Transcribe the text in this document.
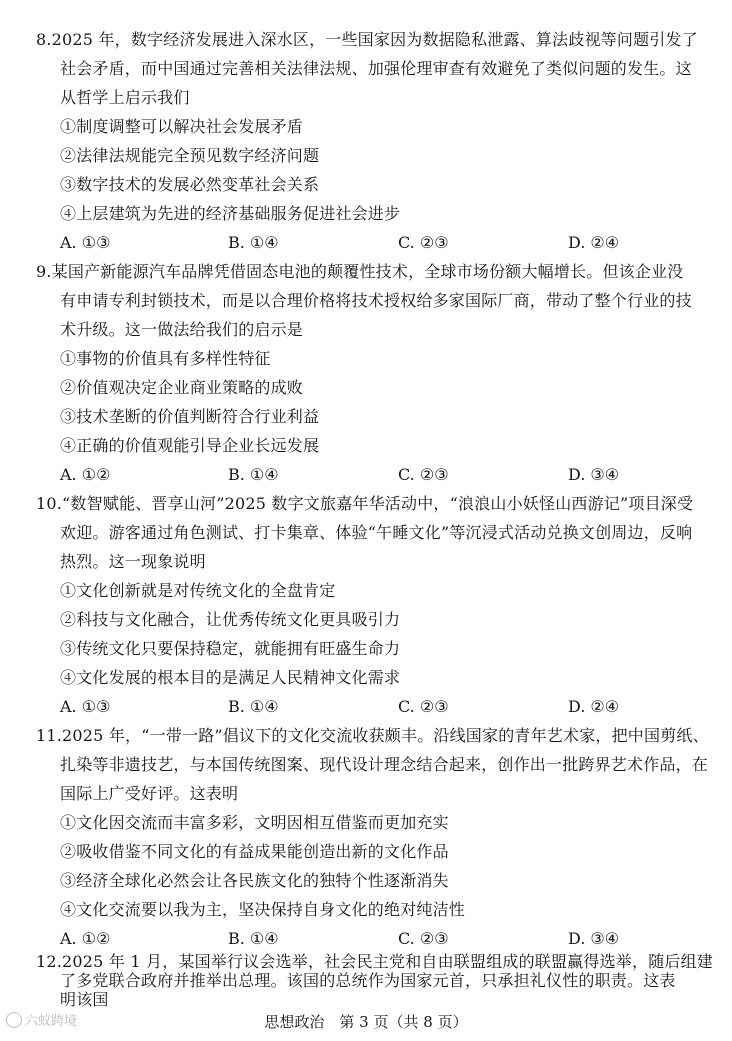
8.2025 年，数字经济发展进入深水区，一些国家因为数据隐私泄露、算法歧视等问题引发了
社会矛盾，而中国通过完善相关法律法规、加强伦理审查有效避免了类似问题的发生。这
从哲学上启示我们
①制度调整可以解决社会发展矛盾
②法律法规能完全预见数字经济问题
③数字技术的发展必然变革社会关系
④上层建筑为先进的经济基础服务促进社会进步
A. ①③	B. ①④	C. ②③	D. ②④
9.某国产新能源汽车品牌凭借固态电池的颠覆性技术，全球市场份额大幅增长。但该企业没
有申请专利封锁技术，而是以合理价格将技术授权给多家国际厂商，带动了整个行业的技
术升级。这一做法给我们的启示是
①事物的价值具有多样性特征
②价值观决定企业商业策略的成败
③技术垄断的价值判断符合行业利益
④正确的价值观能引导企业长远发展
A. ①②	B. ①④	C. ②③	D. ③④
10.“数智赋能、晋享山河”2025 数字文旅嘉年华活动中，“浪浪山小妖怪山西游记”项目深受
欢迎。游客通过角色测试、打卡集章、体验“午睡文化”等沉浸式活动兑换文创周边，反响
热烈。这一现象说明
①文化创新就是对传统文化的全盘肯定
②科技与文化融合，让优秀传统文化更具吸引力
③传统文化只要保持稳定，就能拥有旺盛生命力
④文化发展的根本目的是满足人民精神文化需求
A. ①③	B. ①④	C. ②③	D. ②④
11.2025 年，“一带一路”倡议下的文化交流收获颇丰。沿线国家的青年艺术家，把中国剪纸、
扎染等非遗技艺，与本国传统图案、现代设计理念结合起来，创作出一批跨界艺术作品，在
国际上广受好评。这表明
①文化因交流而丰富多彩，文明因相互借鉴而更加充实
②吸收借鉴不同文化的有益成果能创造出新的文化作品
③经济全球化必然会让各民族文化的独特个性逐渐消失
④文化交流要以我为主，坚决保持自身文化的绝对纯洁性
A. ①②	B. ①④	C. ②③	D. ③④
12.2025 年 1 月，某国举行议会选举，社会民主党和自由联盟组成的联盟赢得选举，随后组建
了多党联合政府并推举出总理。该国的总统作为国家元首，只承担礼仪性的职责。这表
明该国
六蚁跨境	思想政治　第 3 页（共 8 页）
